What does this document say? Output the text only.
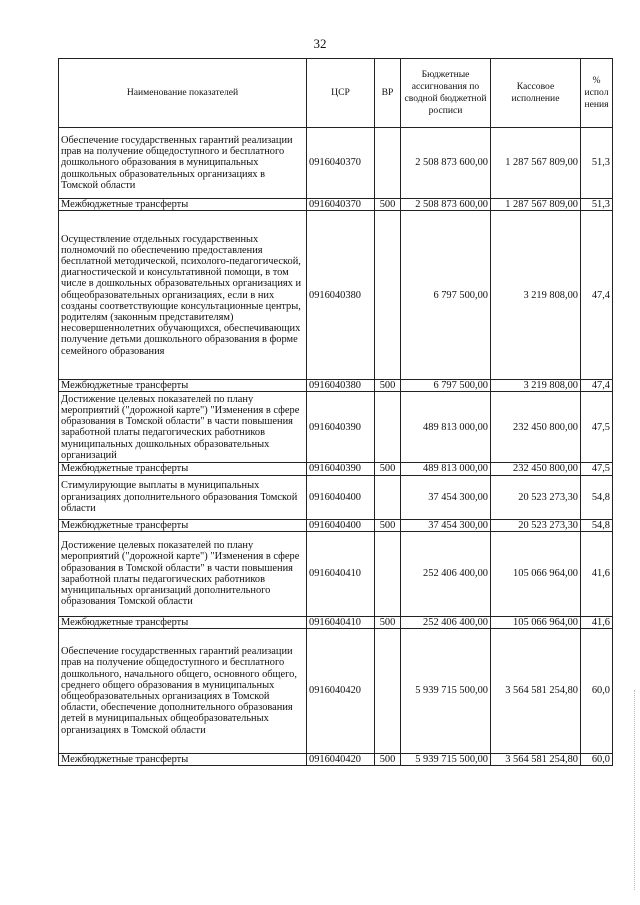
32
Наименование показателей	ЦСР	ВР	Бюджетные ассигнования по сводной бюджетной росписи	Кассовое исполнение	% испол нения
Обеспечение государственных гарантий реализации прав на получение общедоступного и бесплатного дошкольного образования в муниципальных дошкольных образовательных организациях в Томской области	0916040370		2 508 873 600,00	1 287 567 809,00	51,3
Межбюджетные трансферты	0916040370	500	2 508 873 600,00	1 287 567 809,00	51,3
Осуществление отдельных государственных полномочий по обеспечению предоставления бесплатной методической, психолого-педагогической, диагностической и консультативной помощи, в том числе в дошкольных образовательных организациях и общеобразовательных организациях, если в них созданы соответствующие консультационные центры, родителям (законным представителям) несовершеннолетних обучающихся, обеспечивающих получение детьми дошкольного образования в форме семейного образования	0916040380		6 797 500,00	3 219 808,00	47,4
Межбюджетные трансферты	0916040380	500	6 797 500,00	3 219 808,00	47,4
Достижение целевых показателей по плану мероприятий ("дорожной карте") "Изменения в сфере образования в Томской области" в части повышения заработной платы педагогических работников муниципальных дошкольных образовательных организаций	0916040390		489 813 000,00	232 450 800,00	47,5
Межбюджетные трансферты	0916040390	500	489 813 000,00	232 450 800,00	47,5
Стимулирующие выплаты в муниципальных организациях дополнительного образования Томской области	0916040400		37 454 300,00	20 523 273,30	54,8
Межбюджетные трансферты	0916040400	500	37 454 300,00	20 523 273,30	54,8
Достижение целевых показателей по плану мероприятий ("дорожной карте") "Изменения в сфере образования в Томской области" в части повышения заработной платы педагогических работников муниципальных организаций дополнительного образования Томской области	0916040410		252 406 400,00	105 066 964,00	41,6
Межбюджетные трансферты	0916040410	500	252 406 400,00	105 066 964,00	41,6
Обеспечение государственных гарантий реализации прав на получение общедоступного и бесплатного дошкольного, начального общего, основного общего, среднего общего образования в муниципальных общеобразовательных организациях в Томской области, обеспечение дополнительного образования детей в муниципальных общеобразовательных организациях в Томской области	0916040420		5 939 715 500,00	3 564 581 254,80	60,0
Межбюджетные трансферты	0916040420	500	5 939 715 500,00	3 564 581 254,80	60,0
